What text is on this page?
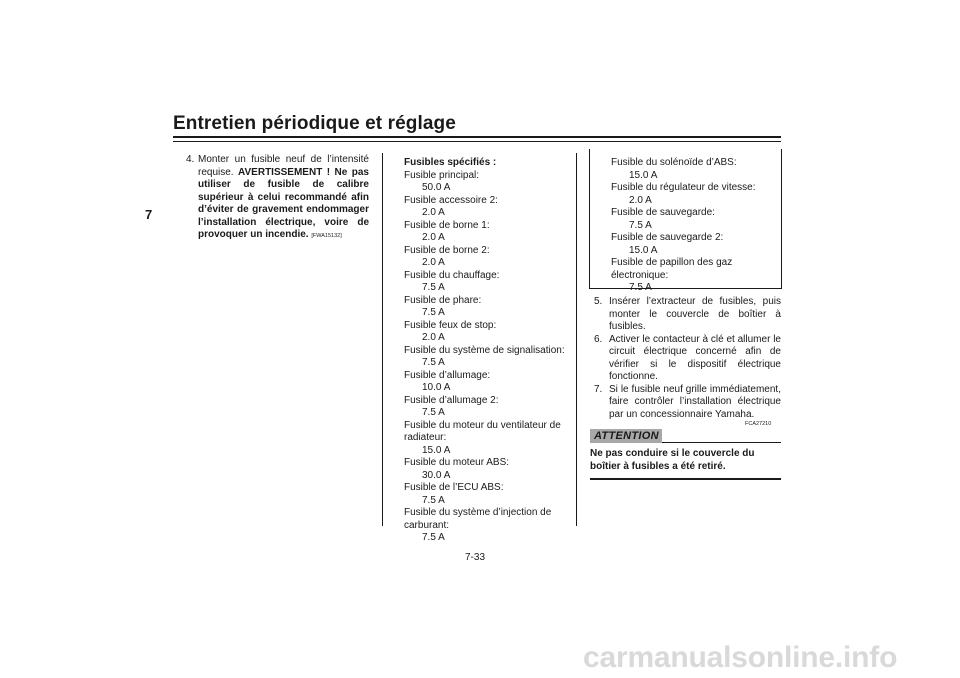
Entretien périodique et réglage
7
4. Monter un fusible neuf de l’intensité requise. AVERTISSEMENT ! Ne pas utiliser de fusible de calibre supérieur à celui recommandé afin d’éviter de gravement endommager l’installation électrique, voire de provoquer un incendie. [FWA15132]
Fusibles spécifiés :
Fusible principal:
50.0 A
Fusible accessoire 2:
2.0 A
Fusible de borne 1:
2.0 A
Fusible de borne 2:
2.0 A
Fusible du chauffage:
7.5 A
Fusible de phare:
7.5 A
Fusible feux de stop:
2.0 A
Fusible du système de signalisation:
7.5 A
Fusible d’allumage:
10.0 A
Fusible d’allumage 2:
7.5 A
Fusible du moteur du ventilateur de radiateur:
15.0 A
Fusible du moteur ABS:
30.0 A
Fusible de l’ECU ABS:
7.5 A
Fusible du système d’injection de carburant:
7.5 A
Fusible du solénoïde d’ABS:
15.0 A
Fusible du régulateur de vitesse:
2.0 A
Fusible de sauvegarde:
7.5 A
Fusible de sauvegarde 2:
15.0 A
Fusible de papillon des gaz électronique:
7.5 A
5. Insérer l’extracteur de fusibles, puis monter le couvercle de boîtier à fusibles.
6. Activer le contacteur à clé et allumer le circuit électrique concerné afin de vérifier si le dispositif électrique fonctionne.
7. Si le fusible neuf grille immédiatement, faire contrôler l’installation électrique par un concessionnaire Yamaha.
FCA27210
ATTENTION
Ne pas conduire si le couvercle du boîtier à fusibles a été retiré.
7-33
carmanualsonline.info
